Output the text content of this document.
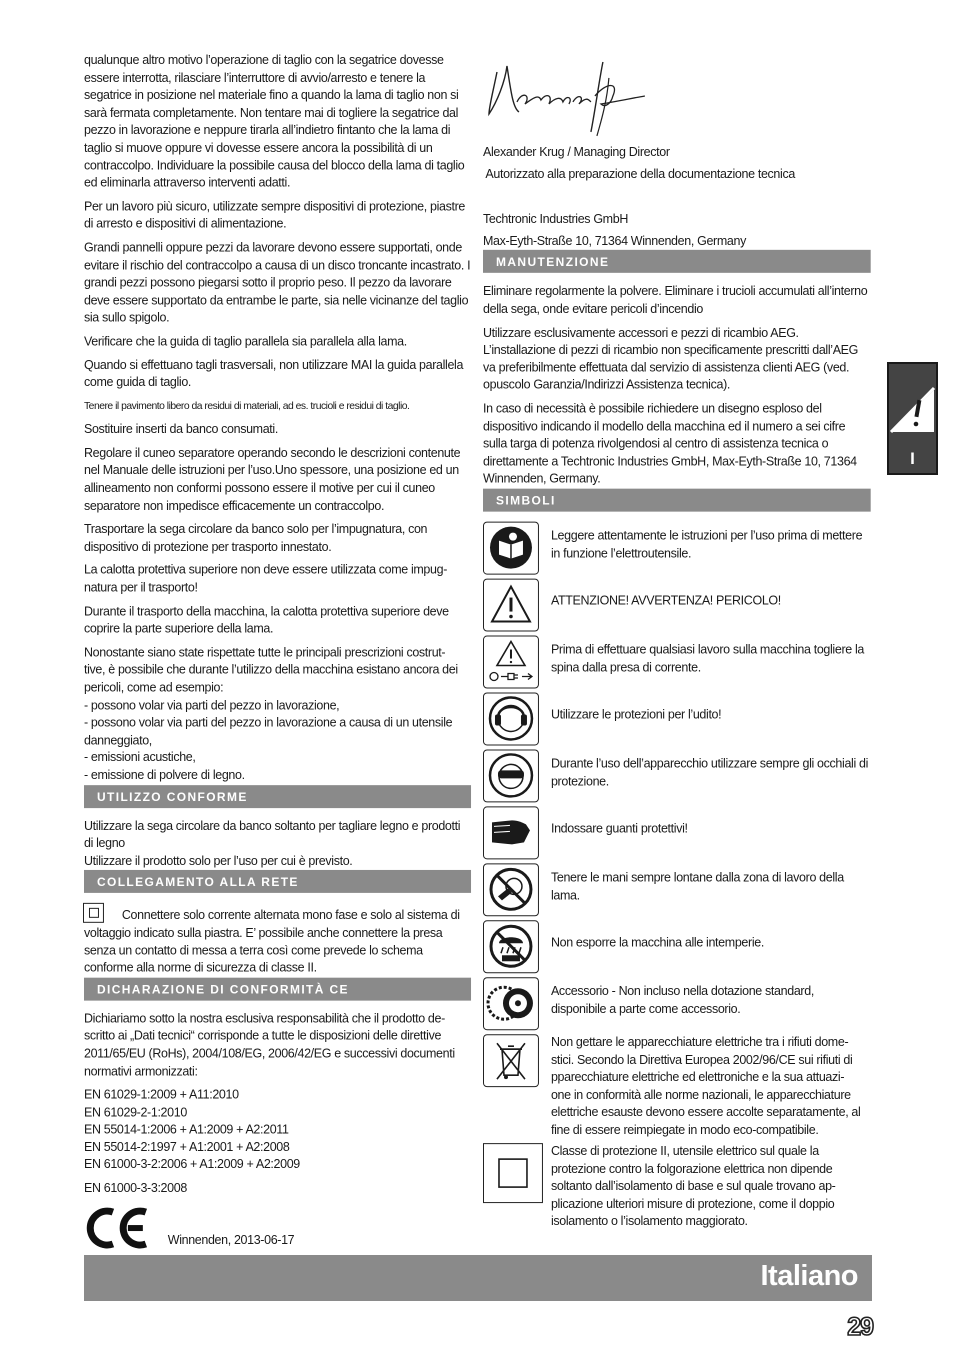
qualunque altro motivo l’operazione di taglio con la segatrice dovesse essere interrotta, rilasciare l’interruttore di avvio/arresto e tenere la segatrice in posizione nel materiale fino a quando la lama di taglio non si sarà fermata completamente. Non tentare mai di togliere la segatrice dal pezzo in lavorazione e neppure tirarla all’indietro fintanto che la lama di taglio si muove oppure vi dovesse essere ancora la possibilità di un contraccolpo. Individuare la possibile causa del blocco della lama di taglio ed eliminarla attraverso interventi adatti.

Per un lavoro più sicuro, utilizzate sempre dispositivi di protezione, piastre di arresto e dispositivi di alimentazione.

Grandi pannelli oppure pezzi da lavorare devono essere supportati, onde evitare il rischio del contraccolpo a causa di un disco troncante incastrato. I grandi pezzi possono piegarsi sotto il proprio peso. Il pezzo da lavorare deve essere supportato da entrambe le parte, sia nelle vicinanze del taglio sia sullo spigolo.

Verificare che la guida di taglio parallela sia parallela alla lama.

Quando si effettuano tagli trasversali, non utilizzare MAI la guida parallela come guida di taglio.

Tenere il pavimento libero da residui di materiali, ad es. trucioli e residui di taglio.

Sostituire inserti da banco consumati.

Regolare il cuneo separatore operando secondo le descrizioni contenute nel Manuale delle istruzioni per l’uso.Uno spessore, una posizione ed un allineamento non conformi possono essere il motive per cui il cuneo separatore non impedisce efficacemente un contraccolpo.

Trasportare la sega circolare da banco solo per l’impugnatura, con dispositivo di protezione per trasporto innestato.

La calotta protettiva superiore non deve essere utilizzata come impug-
natura per il trasporto!

Durante il trasporto della macchina, la calotta protettiva superiore deve coprire la parte superiore della lama.

Nonostante siano state rispettate tutte le principali prescrizioni costrut-
tive, è possibile che durante l’utilizzo della macchina esistano ancora dei pericoli, come ad esempio:
- possono volar via parti del pezzo in lavorazione,
- possono volar via parti del pezzo in lavorazione a causa di un utensile danneggiato,
- emissioni acustiche,
- emissione di polvere di legno.

UTILIZZO CONFORME

Utilizzare la sega circolare da banco soltanto per tagliare legno e prodotti di legno
Utilizzare il prodotto solo per l’uso per cui è previsto.

COLLEGAMENTO ALLA RETE

Connettere solo corrente alternata mono fase e solo al sistema di voltaggio indicato sulla piastra. E’ possibile anche connettere la presa senza un contatto di messa a terra così come prevede lo schema conforme alla norme di sicurezza di classe II.

DICHARAZIONE DI CONFORMITÀ CE

Dichiariamo sotto la nostra esclusiva responsabilità che il prodotto de-
scritto ai „Dati tecnici“ corrisponde a tutte le disposizioni delle direttive 2011/65/EU (RoHs), 2004/108/EG, 2006/42/EG e successivi documenti normativi armonizzati:

EN 61029-1:2009 + A11:2010
EN 61029-2-1:2010
EN 55014-1:2006 + A1:2009 + A2:2011
EN 55014-2:1997 + A1:2001 + A2:2008
EN 61000-3-2:2006 + A1:2009 + A2:2009

EN 61000-3-3:2008

Winnenden, 2013-06-17

Alexander Krug / Managing Director

Autorizzato alla preparazione della documentazione tecnica

Techtronic Industries GmbH

Max-Eyth-Straße 10, 71364 Winnenden, Germany

MANUTENZIONE

Eliminare regolarmente la polvere. Eliminare i trucioli accumulati all’interno della sega, onde evitare pericoli d’incendio

Utilizzare esclusivamente accessori e pezzi di ricambio AEG. L’installazione di pezzi di ricambio non specificamente prescritti dall’AEG va preferibilmente effettuata dal servizio di assistenza clienti AEG (ved. opuscolo Garanzia/Indirizzi Assistenza tecnica).

In caso di necessità è possibile richiedere un disegno esploso del dispositivo indicando il modello della macchina ed il numero a sei cifre sulla targa di potenza rivolgendosi al centro di assistenza tecnica o direttamente a Techtronic Industries GmbH, Max-Eyth-Straße 10, 71364 Winnenden, Germany.

SIMBOLI
Leggere attentamente le istruzioni per l’uso prima di mettere in funzione l’elettroutensile.
ATTENZIONE! AVVERTENZA! PERICOLO!
Prima di effettuare qualsiasi lavoro sulla macchina togliere la spina dalla presa di corrente.
Utilizzare le protezioni per l’udito!
Durante l’uso dell’apparecchio utilizzare sempre gli occhiali di protezione.
Indossare guanti protettivi!
Tenere le mani sempre lontane dalla zona di lavoro della lama.
Non esporre la macchina alle intemperie.
Accessorio - Non incluso nella dotazione standard, disponibile a parte come accessorio.
Non gettare le apparecchiature elettriche tra i rifiuti dome-
stici. Secondo la Direttiva Europea 2002/96/CE sui rifiuti di pparecchiature elettriche ed elettroniche e la sua attuazi-
one in conformità alle norme nazionali, le apparecchiature elettriche esauste devono essere accolte separatamente, al fine di essere reimpiegate in modo eco-compatibile.
Classe di protezione II, utensile elettrico sul quale la protezione contro la folgorazione elettrica non dipende soltanto dall’isolamento di base e sul quale trovano ap-
plicazione ulteriori misure di protezione, come il doppio isolamento o l’isolamento maggiorato.
I
Italiano
29
